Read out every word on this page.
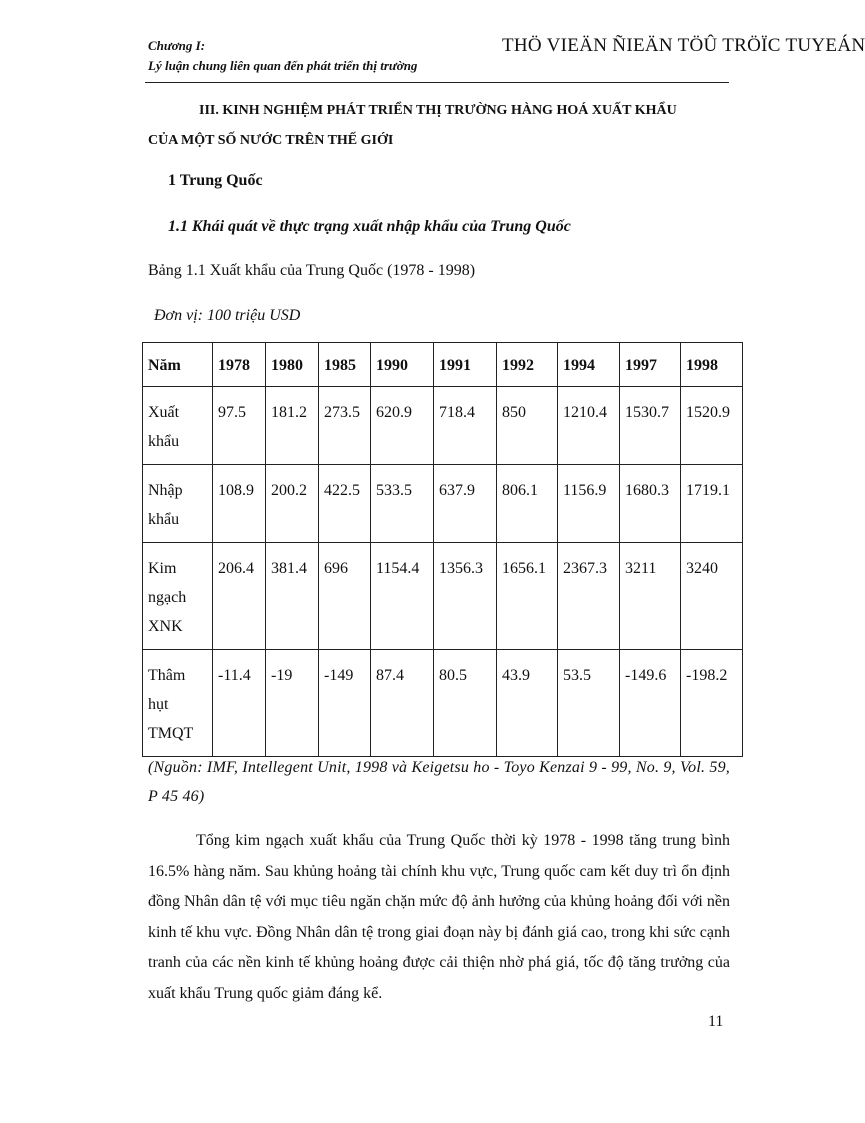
Chương I:
Lý luận chung liên quan đến phát triển thị trường
THÖ VIEÄN ÑIEÄN TÖÛ TRÖÏC TUYEÁN
III. KINH NGHIỆM PHÁT TRIỂN THỊ TRƯỜNG HÀNG HOÁ XUẤT KHẨU
CỦA MỘT SỐ NƯỚC TRÊN THẾ GIỚI
1 Trung Quốc
1.1 Khái quát về thực trạng xuất nhập khẩu của Trung Quốc
Bảng 1.1 Xuất khẩu của Trung Quốc (1978 - 1998)
Đơn vị: 100 triệu USD
Năm	1978	1980	1985	1990	1991	1992	1994	1997	1998
Xuất khẩu	97.5	181.2	273.5	620.9	718.4	850	1210.4	1530.7	1520.9
Nhập khẩu	108.9	200.2	422.5	533.5	637.9	806.1	1156.9	1680.3	1719.1
Kim ngạch XNK	206.4	381.4	696	1154.4	1356.3	1656.1	2367.3	3211	3240
Thâm hụt TMQT	-11.4	-19	-149	87.4	80.5	43.9	53.5	-149.6	-198.2
(Nguồn: IMF, Intellegent Unit, 1998 và Keigetsu ho - Toyo Kenzai 9 - 99, No. 9, Vol. 59, P 45 46)

Tổng kim ngạch xuất khẩu của Trung Quốc thời kỳ 1978 - 1998 tăng trung bình 16.5% hàng năm. Sau khủng hoảng tài chính khu vực, Trung quốc cam kết duy trì ổn định đồng Nhân dân tệ với mục tiêu ngăn chặn mức độ ảnh hưởng của khủng hoảng đối với nền kinh tế khu vực. Đồng Nhân dân tệ trong giai đoạn này bị đánh giá cao, trong khi sức cạnh tranh của các nền kinh tế khủng hoảng được cải thiện nhờ phá giá, tốc độ tăng trưởng của xuất khẩu Trung quốc giảm đáng kể.

11
